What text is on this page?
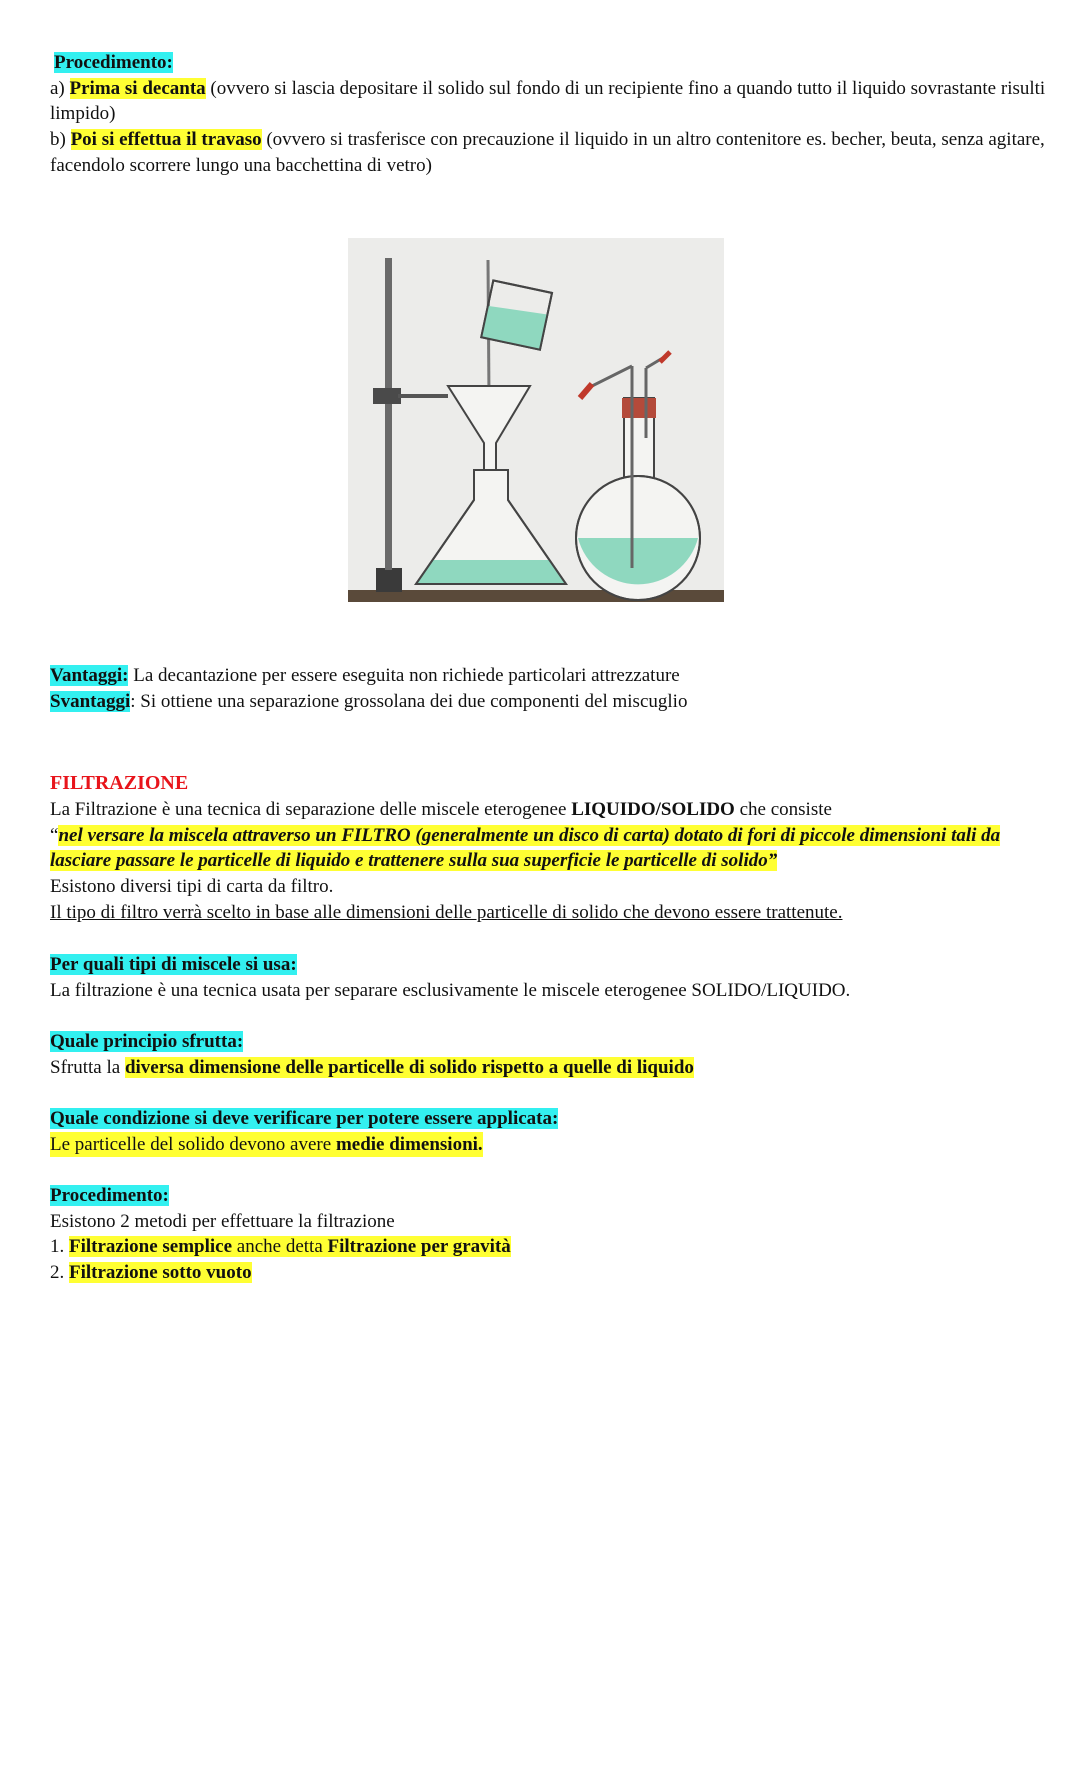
Procedimento:

a) Prima si decanta (ovvero si lascia depositare il solido sul fondo di un recipiente fino a quando tutto il liquido sovrastante risulti limpido)

b) Poi si effettua il travaso (ovvero si trasferisce con precauzione il liquido in un altro contenitore es. becher, beuta, senza agitare, facendolo scorrere lungo una bacchettina di vetro)

Vantaggi: La decantazione per essere eseguita non richiede particolari attrezzature

Svantaggi: Si ottiene una separazione grossolana dei due componenti del miscuglio

FILTRAZIONE

La Filtrazione è una tecnica di separazione delle miscele eterogenee LIQUIDO/SOLIDO che consiste

“nel versare la miscela attraverso un FILTRO (generalmente un disco di carta) dotato di fori di piccole dimensioni tali da lasciare passare le particelle di liquido e trattenere sulla sua superficie le particelle di solido”

Esistono diversi tipi di carta da filtro.

Il tipo di filtro verrà scelto in base alle dimensioni delle particelle di solido che devono essere trattenute.

Per quali tipi di miscele si usa:

La filtrazione è una tecnica usata per separare esclusivamente le miscele eterogenee SOLIDO/LIQUIDO.

Quale principio sfrutta:

Sfrutta la diversa dimensione delle particelle di solido rispetto a quelle di liquido

Quale condizione si deve verificare per potere essere applicata:

Le particelle del solido devono avere medie dimensioni.

Procedimento:

Esistono 2 metodi per effettuare la filtrazione

1. Filtrazione semplice anche detta Filtrazione per gravità

2. Filtrazione sotto vuoto
